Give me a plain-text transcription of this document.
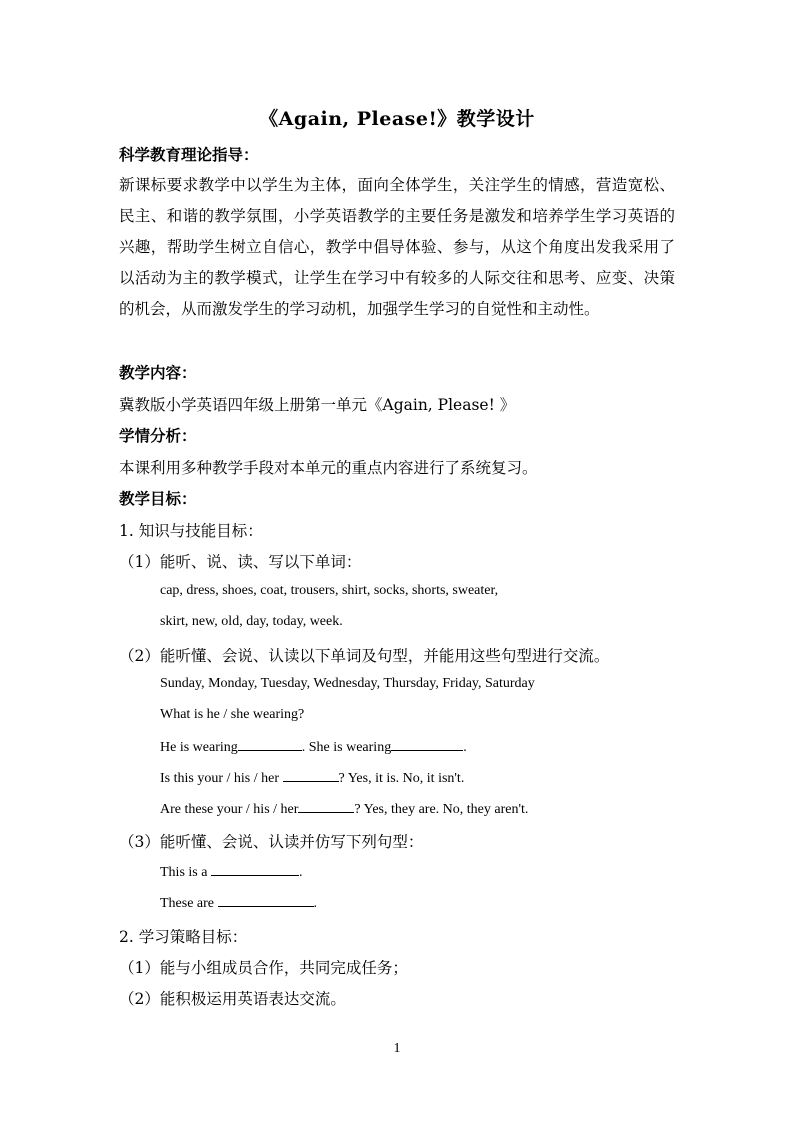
《Again, Please!》教学设计
科学教育理论指导：
新课标要求教学中以学生为主体，面向全体学生，关注学生的情感，营造宽松、民主、和谐的教学氛围，小学英语教学的主要任务是激发和培养学生学习英语的兴趣，帮助学生树立自信心，教学中倡导体验、参与，从这个角度出发我采用了以活动为主的教学模式，让学生在学习中有较多的人际交往和思考、应变、决策的机会，从而激发学生的学习动机，加强学生学习的自觉性和主动性。
教学内容：
冀教版小学英语四年级上册第一单元《Again, Please! 》
学情分析：
本课利用多种教学手段对本单元的重点内容进行了系统复习。
教学目标：
1. 知识与技能目标：
（1）能听、说、读、写以下单词：
cap, dress, shoes, coat, trousers, shirt, socks, shorts, sweater,
skirt, new, old, day, today, week.
（2）能听懂、会说、认读以下单词及句型，并能用这些句型进行交流。
Sunday, Monday, Tuesday, Wednesday, Thursday, Friday, Saturday
What is he / she wearing?
He is wearing	. She is wearing	.
Is this your / his / her	? Yes, it is. No, it isn't.
Are these your / his / her	? Yes, they are. No, they aren't.
（3）能听懂、会说、认读并仿写下列句型：
This is a	.
These are	.
2. 学习策略目标：
（1）能与小组成员合作，共同完成任务；
（2）能积极运用英语表达交流。
1
